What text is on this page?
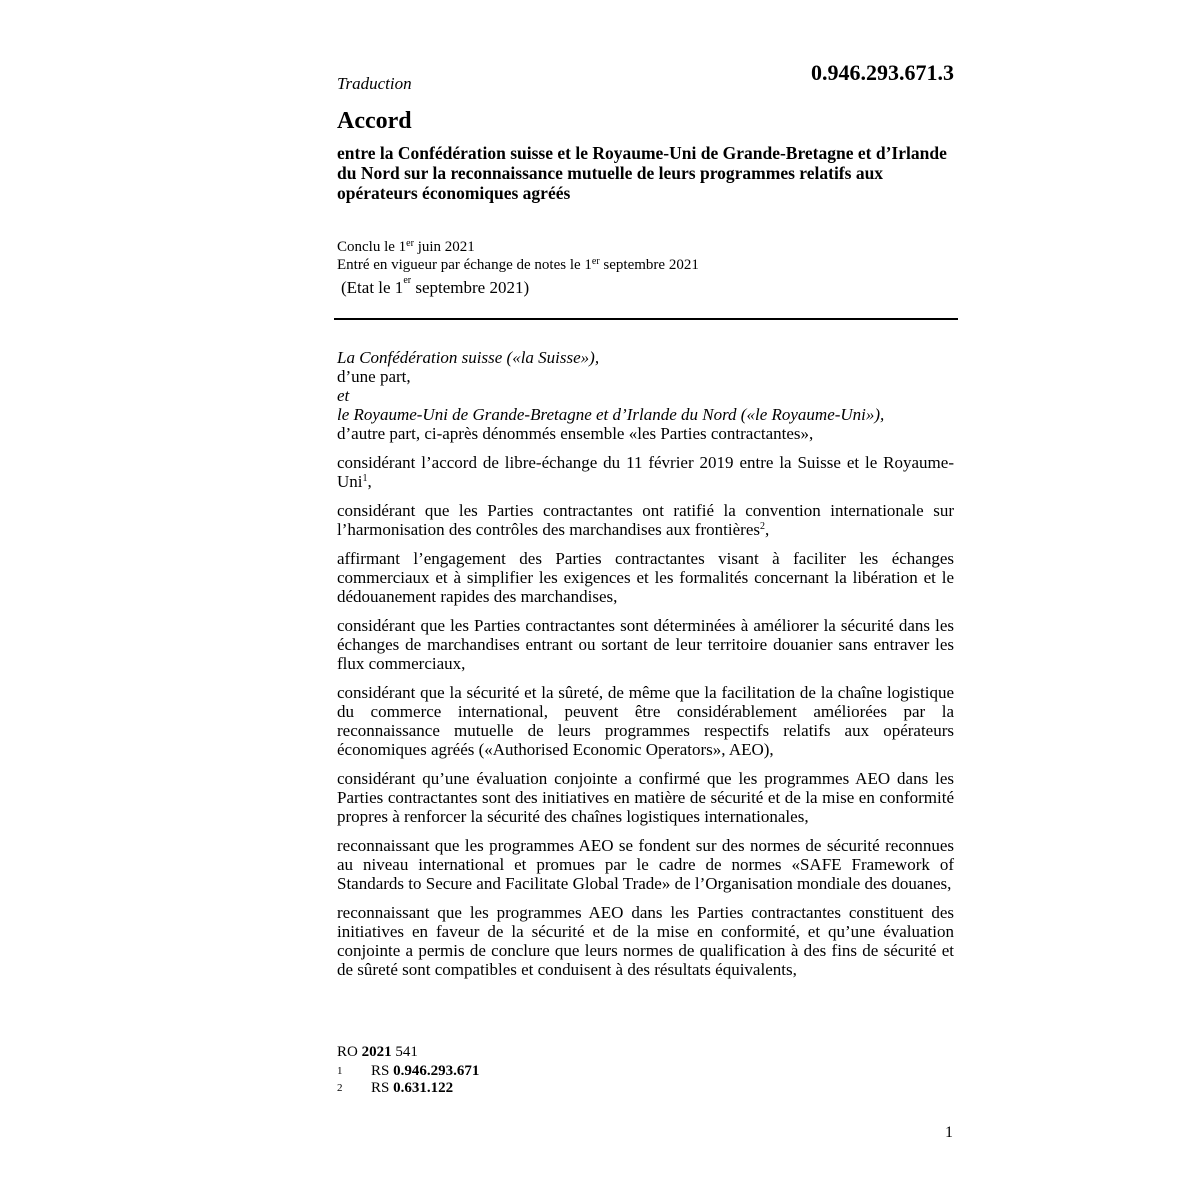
Traduction	0.946.293.671.3
Accord
entre la Confédération suisse et le Royaume-Uni de Grande-Bretagne et d’Irlande du Nord sur la reconnaissance mutuelle de leurs programmes relatifs aux opérateurs économiques agréés
Conclu le 1er juin 2021
Entré en vigueur par échange de notes le 1er septembre 2021
(Etat le 1er septembre 2021)

La Confédération suisse («la Suisse»),

d’une part,

et

le Royaume-Uni de Grande-Bretagne et d’Irlande du Nord («le Royaume-Uni»),

d’autre part, ci-après dénommés ensemble «les Parties contractantes»,

considérant l’accord de libre-échange du 11 février 2019 entre la Suisse et le Royaume-Uni$^1$,

considérant que les Parties contractantes ont ratifié la convention internationale sur l’harmonisation des contrôles des marchandises aux frontières$^2$,

affirmant l’engagement des Parties contractantes visant à faciliter les échanges commerciaux et à simplifier les exigences et les formalités concernant la libération et le dédouanement rapides des marchandises,

considérant que les Parties contractantes sont déterminées à améliorer la sécurité dans les échanges de marchandises entrant ou sortant de leur territoire douanier sans entraver les flux commerciaux,

considérant que la sécurité et la sûreté, de même que la facilitation de la chaîne logistique du commerce international, peuvent être considérablement améliorées par la reconnaissance mutuelle de leurs programmes respectifs relatifs aux opérateurs économiques agréés («Authorised Economic Operators», AEO),

considérant qu’une évaluation conjointe a confirmé que les programmes AEO dans les Parties contractantes sont des initiatives en matière de sécurité et de la mise en conformité propres à renforcer la sécurité des chaînes logistiques internationales,

reconnaissant que les programmes AEO se fondent sur des normes de sécurité reconnues au niveau international et promues par le cadre de normes «SAFE Framework of Standards to Secure and Facilitate Global Trade» de l’Organisation mondiale des douanes,

reconnaissant que les programmes AEO dans les Parties contractantes constituent des initiatives en faveur de la sécurité et de la mise en conformité, et qu’une évaluation conjointe a permis de conclure que leurs normes de qualification à des fins de sécurité et de sûreté sont compatibles et conduisent à des résultats équivalents,

RO 2021 541
1 RS 0.946.293.671
2 RS 0.631.122
1
